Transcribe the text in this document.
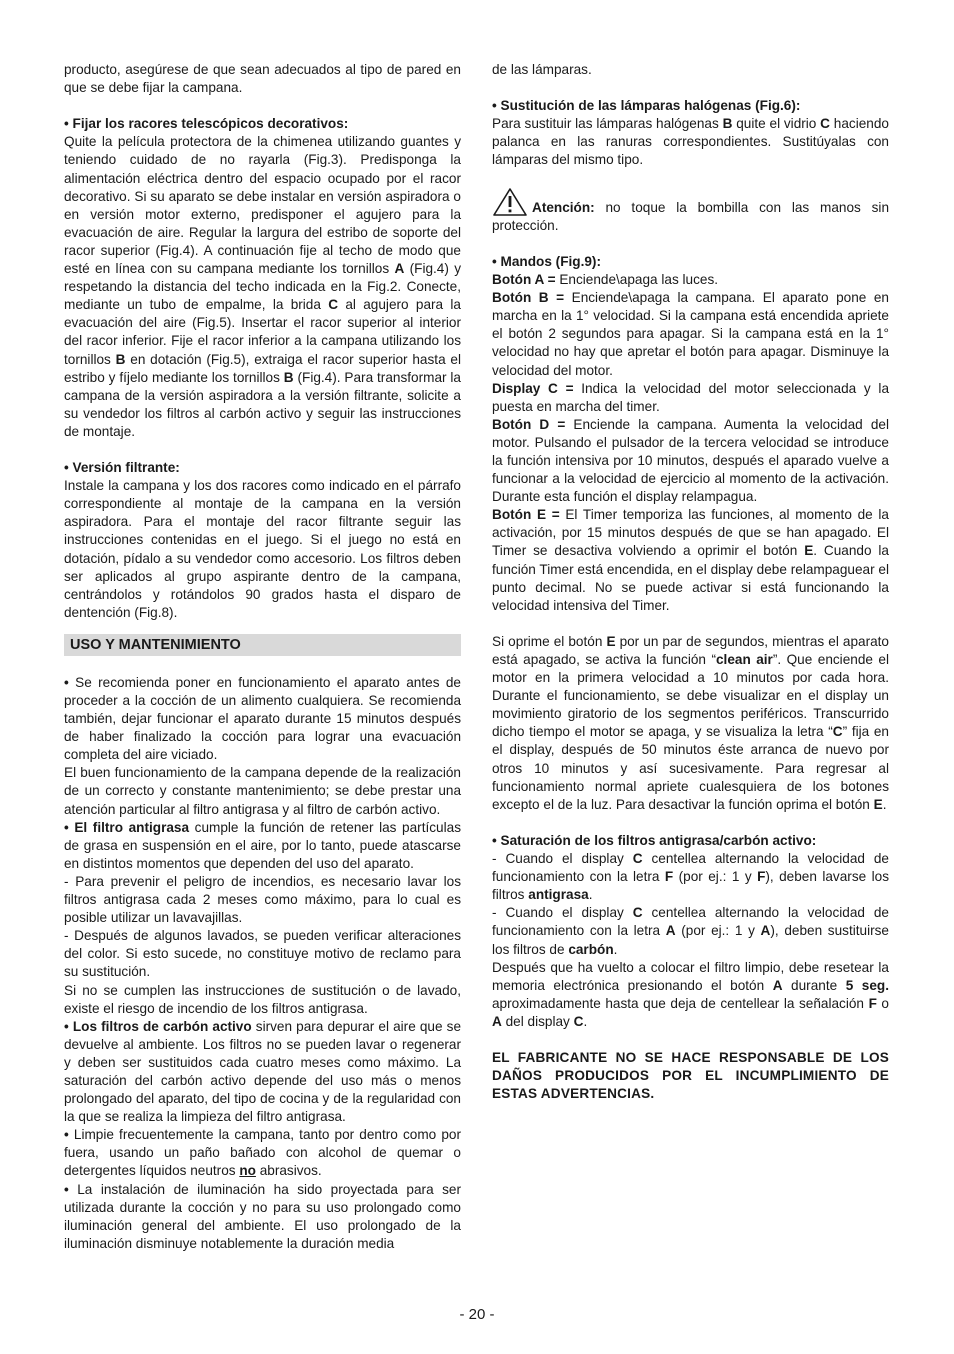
producto, asegúrese de que sean adecuados al tipo de pared en que se debe fijar la campana.

• Fijar los racores telescópicos decorativos:

Quite la película protectora de la chimenea utilizando guantes y teniendo cuidado de no rayarla (Fig.3). Predisponga la alimentación eléctrica dentro del espacio ocupado por el racor decorativo. Si su aparato se debe instalar en versión aspiradora o en versión motor externo, predisponer el agujero para la evacuación de aire. Regular la largura del estribo de soporte del racor superior (Fig.4). A continuación fije al techo de modo que esté en línea con su campana mediante los tornillos A (Fig.4) y respetando la distancia del techo indicada en la Fig.2. Conecte, mediante un tubo de empalme, la brida C al agujero para la evacuación del aire (Fig.5). Insertar el racor superior al interior del racor inferior. Fije el racor inferior a la campana utilizando los tornillos B en dotación (Fig.5), extraiga el racor superior hasta el estribo y fíjelo mediante los tornillos B (Fig.4). Para transformar la campana de la versión aspiradora a la versión filtrante, solicite a su vendedor los filtros al carbón activo y seguir las instrucciones de montaje.

• Versión filtrante:

Instale la campana y los dos racores como indicado en el párrafo correspondiente al montaje de la campana en la versión aspiradora. Para el montaje del racor filtrante seguir las instrucciones contenidas en el juego. Si el juego no está en dotación, pídalo a su vendedor como accesorio. Los filtros deben ser aplicados al grupo aspirante dentro de la campana, centrándolos y rotándolos 90 grados hasta el disparo de dentención (Fig.8).

USO Y MANTENIMIENTO

• Se recomienda poner en funcionamiento el aparato antes de proceder a la cocción de un alimento cualquiera. Se recomienda también, dejar funcionar el aparato durante 15 minutos después de haber finalizado la cocción para lograr una evacuación completa del aire viciado.

El buen funcionamiento de la campana depende de la realización de un correcto y constante mantenimiento; se debe prestar una atención particular al filtro antigrasa y al filtro de carbón activo.

• El filtro antigrasa cumple la función de retener las partículas de grasa en suspensión en el aire, por lo tanto, puede atascarse en distintos momentos que dependen del uso del aparato.

- Para prevenir el peligro de incendios, es necesario lavar los filtros antigrasa cada 2 meses como máximo, para lo cual es posible utilizar un lavavajillas.

- Después de algunos lavados, se pueden verificar alteraciones del color. Si esto sucede, no constituye motivo de reclamo para su sustitución.

Si no se cumplen las instrucciones de sustitución o de lavado, existe el riesgo de incendio de los filtros antigrasa.

• Los filtros de carbón activo sirven para depurar el aire que se devuelve al ambiente. Los filtros no se pueden lavar o regenerar y deben ser sustituidos cada cuatro meses como máximo. La saturación del carbón activo depende del uso más o menos prolongado del aparato, del tipo de cocina y de la regularidad con la que se realiza la limpieza del filtro antigrasa.

• Limpie frecuentemente la campana, tanto por dentro como por fuera, usando un paño bañado con alcohol de quemar o detergentes líquidos neutros no abrasivos.

• La instalación de iluminación ha sido proyectada para ser utilizada durante la cocción y no para su uso prolongado como iluminación general del ambiente. El uso prolongado de la iluminación disminuye notablemente la duración media

de las lámparas.

• Sustitución de las lámparas halógenas (Fig.6):

Para sustituir las lámparas halógenas B quite el vidrio C haciendo palanca en las ranuras correspondientes. Sustitúyalas con lámparas del mismo tipo.

Atención: no toque la bombilla con las manos sin protección.

• Mandos (Fig.9):

Botón A = Enciende\apaga las luces.

Botón B = Enciende\apaga la campana. El aparato pone en marcha en la 1° velocidad. Si la campana está encendida apriete el botón 2 segundos para apagar. Si la campana está en la 1° velocidad no hay que apretar el botón para apagar. Disminuye la velocidad del motor.

Display C = Indica la velocidad del motor seleccionada y la puesta en marcha del timer.

Botón D = Enciende la campana. Aumenta la velocidad del motor. Pulsando el pulsador de la tercera velocidad se introduce la función intensiva por 10 minutos, después el aparado vuelve a funcionar a la velocidad de ejercicio al momento de la activación. Durante esta función el display relampagua.

Botón E = El Timer temporiza las funciones, al momento de la activación, por 15 minutos después de que se han apagado. El Timer se desactiva volviendo a oprimir el botón E. Cuando la función Timer está encendida, en el display debe relampaguear el punto decimal. No se puede activar si está funcionando la velocidad intensiva del Timer.

Si oprime el botón E por un par de segundos, mientras el aparato está apagado, se activa la función “clean air”. Que enciende el motor en la primera velocidad a 10 minutos por cada hora. Durante el funcionamiento, se debe visualizar en el display un movimiento giratorio de los segmentos periféricos. Transcurrido dicho tiempo el motor se apaga, y se visualiza la letra “C” fija en el display, después de 50 minutos éste arranca de nuevo por otros 10 minutos y así sucesivamente. Para regresar al funcionamiento normal apriete cualesquiera de los botones excepto el de la luz. Para desactivar la función oprima el botón E.

• Saturación de los filtros antigrasa/carbón activo:

- Cuando el display C centellea alternando la velocidad de funcionamiento con la letra F (por ej.: 1 y F), deben lavarse los filtros antigrasa.

- Cuando el display C centellea alternando la velocidad de funcionamiento con la letra A (por ej.: 1 y A), deben sustituirse los filtros de carbón.

Después que ha vuelto a colocar el filtro limpio, debe resetear la memoria electrónica presionando el botón A durante 5 seg. aproximadamente hasta que deja de centellear la señalación F o A del display C.

EL FABRICANTE NO SE HACE RESPONSABLE DE LOS DAÑOS PRODUCIDOS POR EL INCUMPLIMIENTO DE ESTAS ADVERTENCIAS.

- 20 -
